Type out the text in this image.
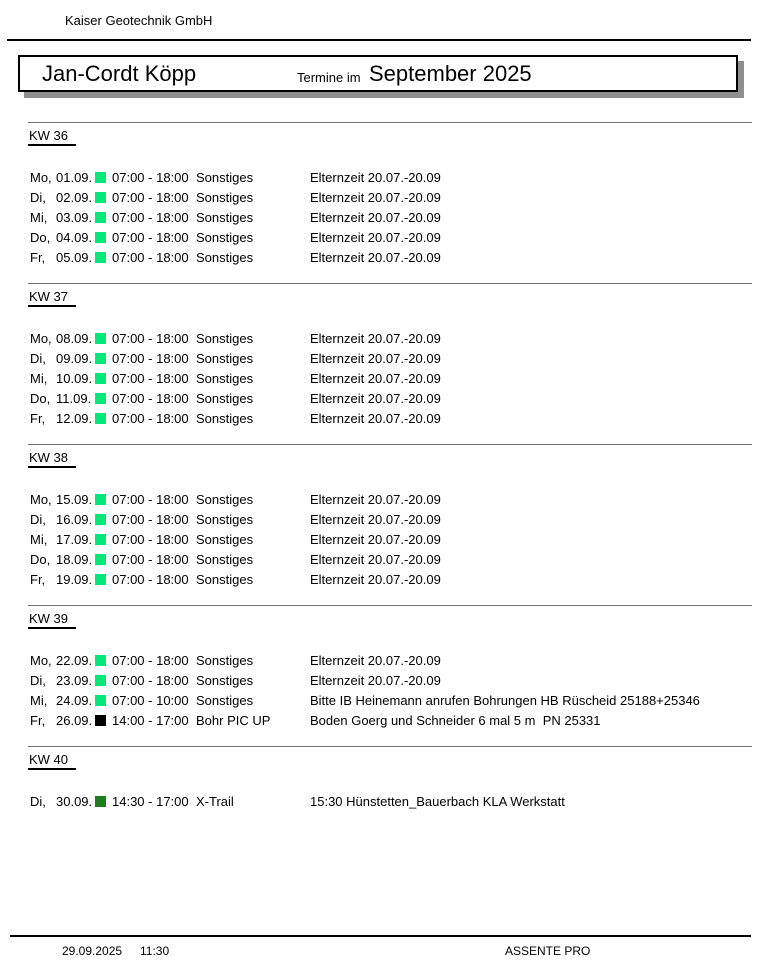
Kaiser Geotechnik GmbH
Jan-Cordt Köpp	Termine im September 2025
KW 36
Mo, 01.09. 07:00 - 18:00 Sonstiges	Elternzeit 20.07.-20.09
Di, 02.09. 07:00 - 18:00 Sonstiges	Elternzeit 20.07.-20.09
Mi, 03.09. 07:00 - 18:00 Sonstiges	Elternzeit 20.07.-20.09
Do, 04.09. 07:00 - 18:00 Sonstiges	Elternzeit 20.07.-20.09
Fr, 05.09. 07:00 - 18:00 Sonstiges	Elternzeit 20.07.-20.09
KW 37
Mo, 08.09. 07:00 - 18:00 Sonstiges	Elternzeit 20.07.-20.09
Di, 09.09. 07:00 - 18:00 Sonstiges	Elternzeit 20.07.-20.09
Mi, 10.09. 07:00 - 18:00 Sonstiges	Elternzeit 20.07.-20.09
Do, 11.09. 07:00 - 18:00 Sonstiges	Elternzeit 20.07.-20.09
Fr, 12.09. 07:00 - 18:00 Sonstiges	Elternzeit 20.07.-20.09
KW 38
Mo, 15.09. 07:00 - 18:00 Sonstiges	Elternzeit 20.07.-20.09
Di, 16.09. 07:00 - 18:00 Sonstiges	Elternzeit 20.07.-20.09
Mi, 17.09. 07:00 - 18:00 Sonstiges	Elternzeit 20.07.-20.09
Do, 18.09. 07:00 - 18:00 Sonstiges	Elternzeit 20.07.-20.09
Fr, 19.09. 07:00 - 18:00 Sonstiges	Elternzeit 20.07.-20.09
KW 39
Mo, 22.09. 07:00 - 18:00 Sonstiges	Elternzeit 20.07.-20.09
Di, 23.09. 07:00 - 18:00 Sonstiges	Elternzeit 20.07.-20.09
Mi, 24.09. 07:00 - 10:00 Sonstiges	Bitte IB Heinemann anrufen Bohrungen HB Rüscheid 25188+25346
Fr, 26.09. 14:00 - 17:00 Bohr PIC UP	Boden Goerg und Schneider 6 mal 5 m  PN 25331
KW 40
Di, 30.09. 14:30 - 17:00 X-Trail	15:30 Hünstetten_Bauerbach KLA Werkstatt
29.09.2025 11:30	ASSENTE PRO
